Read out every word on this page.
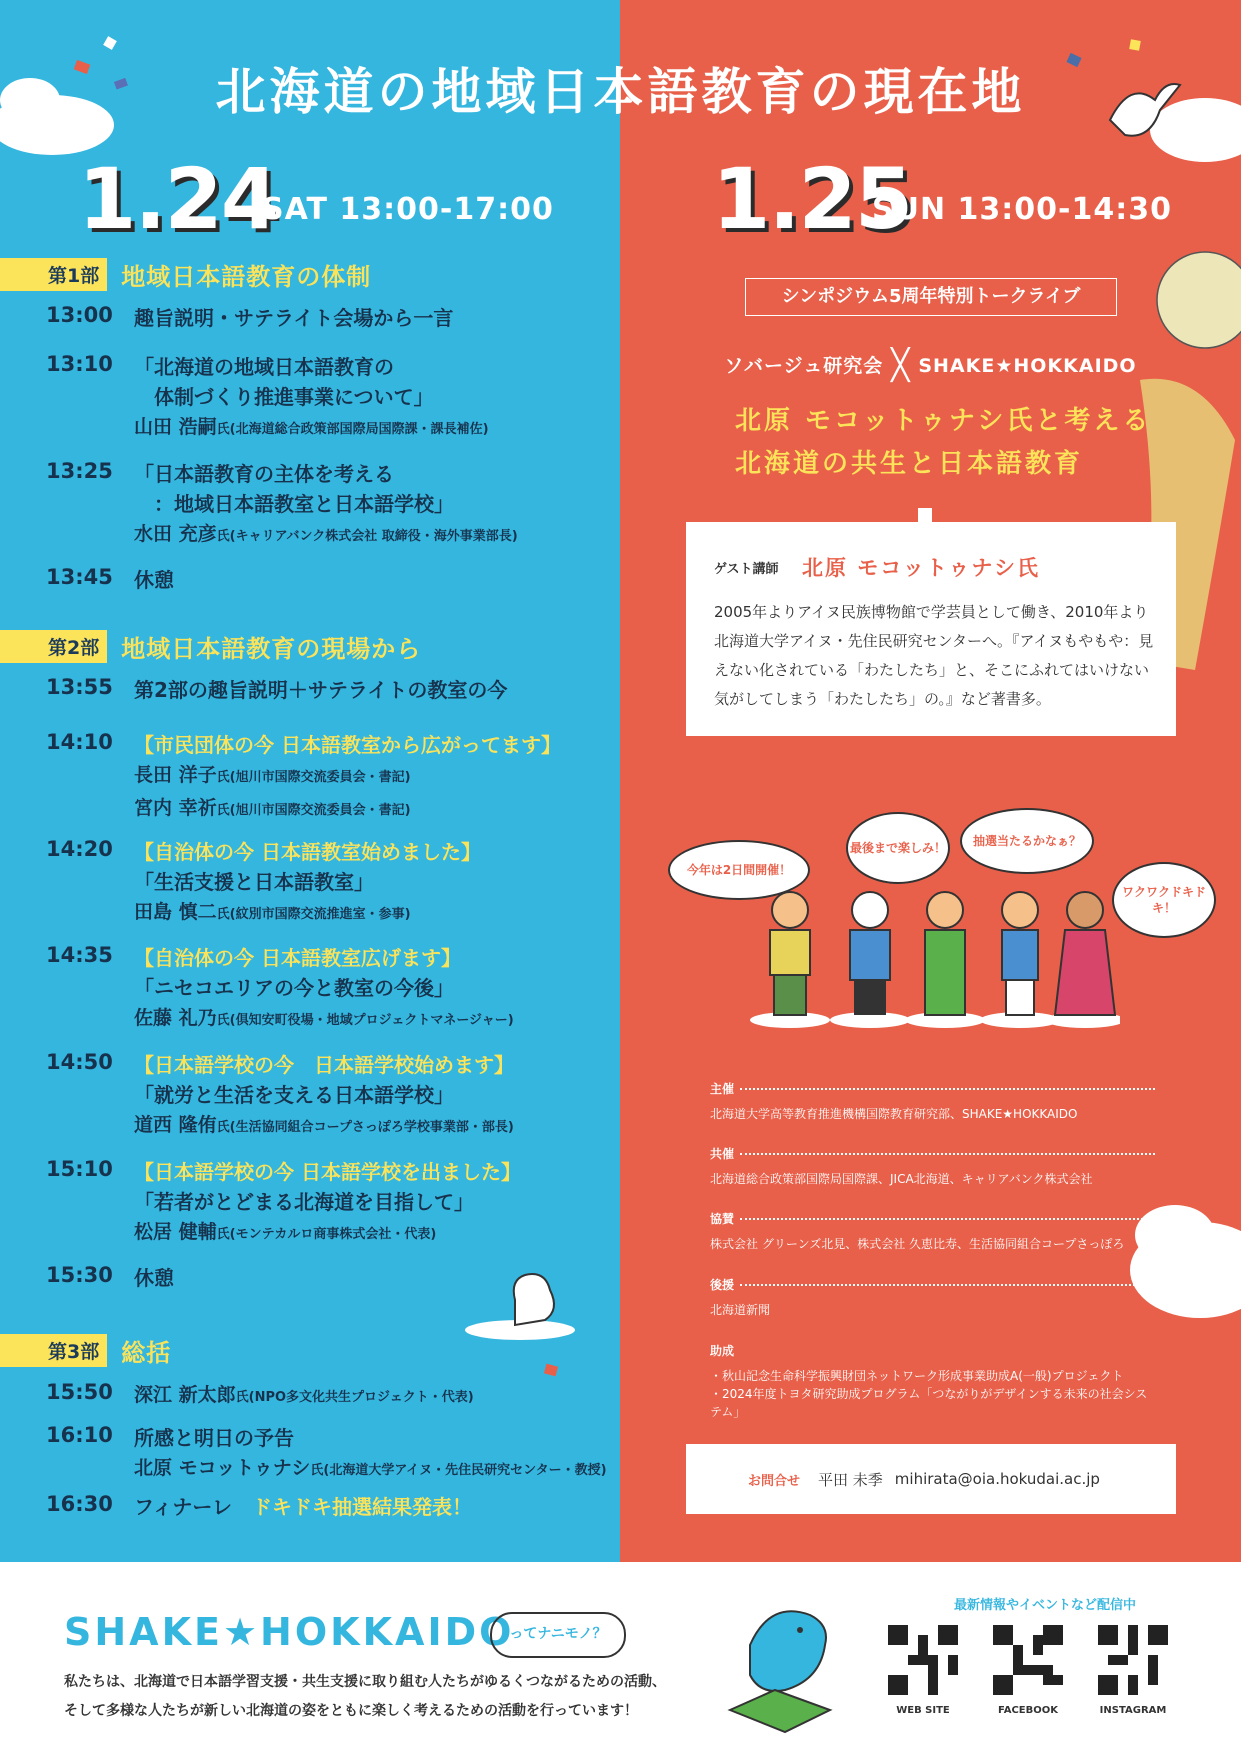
北海道の地域日本語教育の現在地
1.24
SAT 13:00-17:00 1.25
SUN 13:00-14:30
第1部 地域日本語教育の体制
13:00	趣旨説明・サテライト会場から一言
13:10	「北海道の地域日本語教育の
　体制づくり推進事業について」
山田 浩嗣氏(北海道総合政策部国際局国際課・課長補佐)
13:25	「日本語教育の主体を考える
　：地域日本語教室と日本語学校」
水田 充彦氏(キャリアバンク株式会社 取締役・海外事業部長)
13:45	休憩
第2部 地域日本語教育の現場から
13:55	第2部の趣旨説明＋サテライトの教室の今
14:10	【市民団体の今 日本語教室から広がってます】
長田 洋子氏(旭川市国際交流委員会・書記)
宮内 幸祈氏(旭川市国際交流委員会・書記)
14:20	【自治体の今 日本語教室始めました】
「生活支援と日本語教室」
田島 慎二氏(紋別市国際交流推進室・参事)
14:35	【自治体の今 日本語教室広げます】
「ニセコエリアの今と教室の今後」
佐藤 礼乃氏(倶知安町役場・地域プロジェクトマネージャー)
14:50	【日本語学校の今　日本語学校始めます】
「就労と生活を支える日本語学校」
道西 隆侑氏(生活協同組合コープさっぽろ学校事業部・部長)
15:10	【日本語学校の今 日本語学校を出ました】
「若者がとどまる北海道を目指して」
松居 健輔氏(モンテカルロ商事株式会社・代表)
15:30	休憩
第3部 総括
15:50	深江 新太郎氏(NPO多文化共生プロジェクト・代表)
16:10	所感と明日の予告
北原 モコットゥナシ氏(北海道大学アイヌ・先住民研究センター・教授)
16:30	フィナーレ　 ドキドキ抽選結果発表！
シンポジウム5周年特別トークライブ
ソバージュ研究会 ╳ SHAKE★HOKKAIDO
北原 モコットゥナシ氏と考える
北海道の共生と日本語教育
ゲスト講師 北原 モコットゥナシ氏
2005年よりアイヌ民族博物館で学芸員として働き、2010年より北海道大学アイヌ・先住民研究センターへ。『アイヌもやもや：見えない化されている「わたしたち」と、そこにふれてはいけない気がしてしまう「わたしたち」の。』など著書多。
今年は2日間開催！
最後まで楽しみ！	抽選当たるかなぁ？
ワクワクドキドキ！
主催
北海道大学高等教育推進機構国際教育研究部、SHAKE★HOKKAIDO
共催
北海道総合政策部国際局国際課、JICA北海道、キャリアバンク株式会社
協賛
株式会社 グリーンズ北見、株式会社 久恵比寿、生活協同組合コープさっぽろ
後援
北海道新聞
助成
・秋山記念生命科学振興財団ネットワーク形成事業助成A(一般)プロジェクト
・2024年度トヨタ研究助成プログラム「つながりがデザインする未来の社会システム」
お問合せ 平田 未季 mihirata@oia.hokudai.ac.jp
SHAKE★HOKKAIDO
ってナニモノ？
私たちは、北海道で日本語学習支援・共生支援に取り組む人たちがゆるくつながるための活動、
そして多様な人たちが新しい北海道の姿をともに楽しく考えるための活動を行っています！
最新情報やイベントなど配信中
WEB SITE	FACEBOOK	INSTAGRAM
